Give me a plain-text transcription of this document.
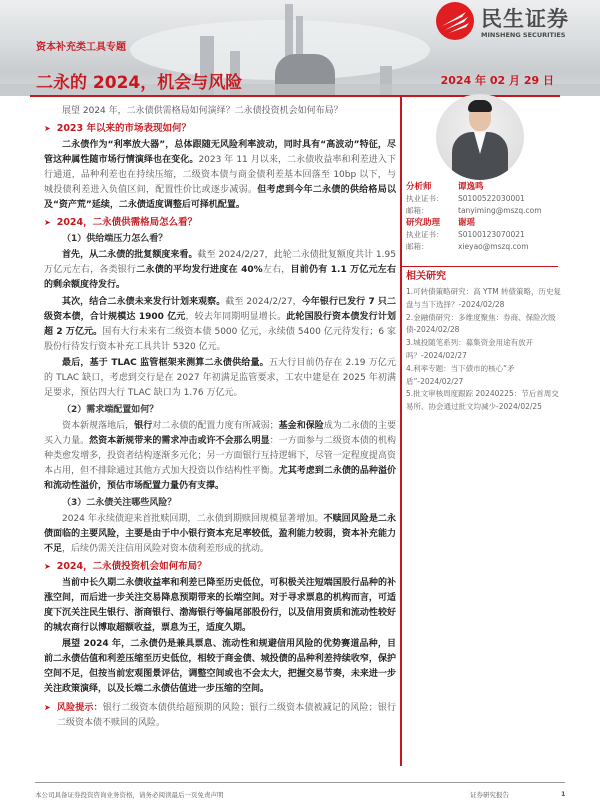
资本补充类工具专题
二永的 2024，机会与风险	2024 年 02 月 29 日
民生证券
MINSHENG SECURITIES
展望 2024 年，二永债供需格局如何演绎？二永债投资机会如何布局？
➤ 2023 年以来的市场表现如何？
二永债作为“利率放大器”，总体跟随无风险利率波动，同时具有“高波动”特征，尽管这种属性随市场行情演绎也在变化。2023 年 11 月以来，二永债收益率和利差进入下行通道，品种利差也在持续压缩，二级资本债与商金债利差基本回落至 10bp 以下，与城投债利差进入负值区间，配置性价比或逐步减弱。但考虑到今年二永债的供给格局以及“资产荒”延续，二永债适度调整后可择机配置。
➤ 2024，二永债供需格局怎么看？
（1）供给端压力怎么看？
首先，从二永债的批复额度来看。截至 2024/2/27，此轮二永债批复额度共计 1.95 万亿元左右，各类银行二永债的平均发行进度在 40%左右，目前仍有 1.1 万亿元左右的剩余额度待发行。
其次，结合二永债未来发行计划来观察。截至 2024/2/27，今年银行已发行 7 只二级资本债，合计规模达 1900 亿元，较去年同期明显增长。此轮国股行资本债发行计划超 2 万亿元。国有大行未来有二级资本债 5000 亿元，永续债 5400 亿元待发行；6 家股份行待发行资本补充工具共计 5320 亿元。
最后，基于 TLAC 监管框架来测算二永债供给量。五大行目前仍存在 2.19 万亿元的 TLAC 缺口，考虑到交行是在 2027 年初满足监管要求，工农中建是在 2025 年初满足要求，预估四大行 TLAC 缺口为 1.76 万亿元。
（2）需求端配置如何？
资本新规落地后，银行对二永债的配置力度有所减弱；基金和保险成为二永债的主要买入力量。然资本新规带来的需求冲击或许不会那么明显：一方面参与二级资本债的机构种类愈发增多，投资者结构逐渐多元化；另一方面银行互持逻辑下，尽管一定程度提高资本占用，但不排除通过其他方式加大投资以作结构性平衡。尤其考虑到二永债的品种溢价和流动性溢价，预估市场配置力量仍有支撑。
（3）二永债关注哪些风险？
2024 年永续债迎来首批赎回期，二永债到期赎回规模显著增加。不赎回风险是二永债面临的主要风险，主要是由于中小银行资本充足率较低，盈利能力较弱，资本补充能力不足，后续仍需关注信用风险对资本债利差形成的扰动。
➤ 2024，二永债投资机会如何布局？
当前中长久期二永债收益率和利差已降至历史低位，可积极关注短端国股行品种的补涨空间，而后进一步关注交易降息预期带来的长端空间。对于寻求票息的机构而言，可适度下沉关注民生银行、浙商银行、渤海银行等偏尾部股份行，以及信用资质和流动性较好的城农商行以博取超额收益，票息为王，适度久期。
展望 2024 年，二永债仍是兼具票息、流动性和规避信用风险的优势赛道品种，目前二永债估值和利差压缩至历史低位，相较于商金债、城投债的品种利差持续收窄，保护空间不足，但按当前宏观图景评估，调整空间或也不会太大，把握交易节奏，未来进一步关注政策演绎，以及长端二永债估值进一步压缩的空间。
➤ 风险提示：银行二级资本债供给超预期的风险；银行二级资本债被减记的风险；银行二级资本债不赎回的风险。
分析师	谭逸鸣
执业证书： S0100522030001
邮箱：	tanyiming@mszq.com
研究助理 谢瑶
执业证书： S0100123070021
邮箱：	xieyao@mszq.com
相关研究
1.可转债策略研究：高 YTM 转债策略，历史复盘与当下选择？-2024/02/28
2.金融债研究：多维度聚焦：券商、保险次级债-2024/02/28
3.城投随笔系列：募集资金用途有放开吗？-2024/02/27
4.利率专题：当下债市的核心“矛盾”-2024/02/27
5.批文审核周度跟踪 20240225：节后首周交易所、协会通过批文均减少-2024/02/25
本公司具备证券投资咨询业务资格，请务必阅读最后一页免责声明	证券研究报告	1
